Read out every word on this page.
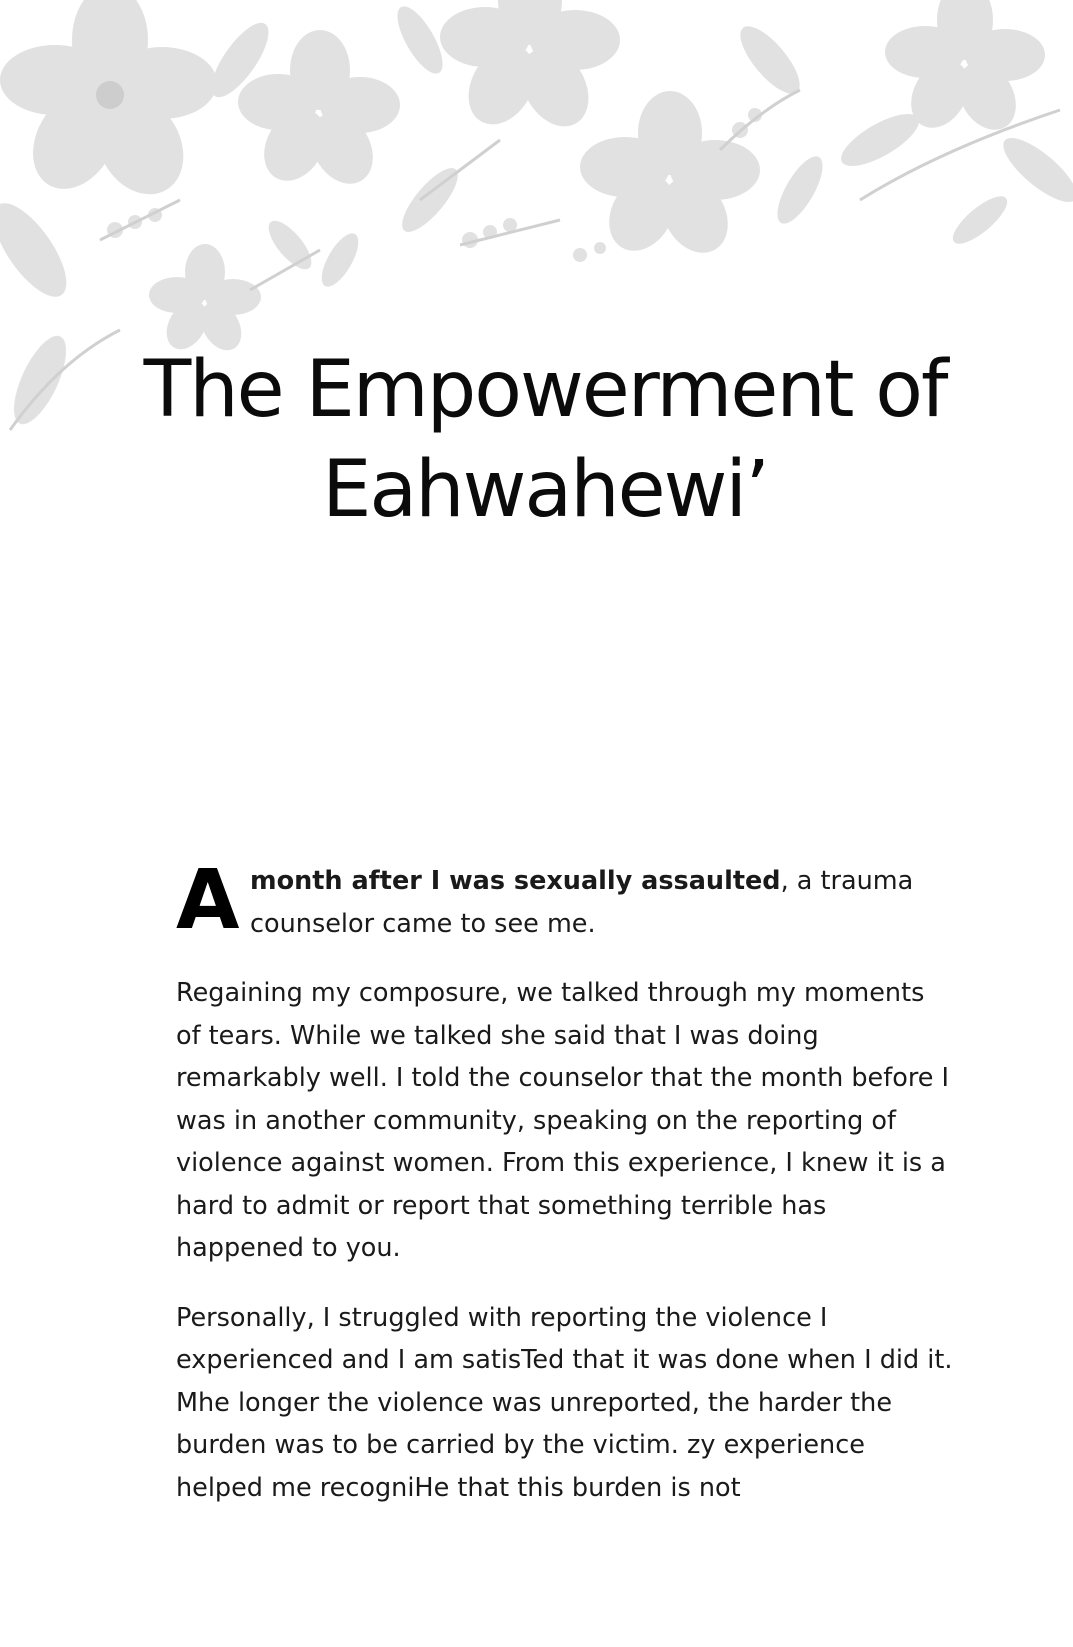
The Empowerment of
Eahwahewi’

A month after I was sexually assaulted, a trauma counselor came to see me.

Regaining my composure, we talked through my moments of tears. While we talked she said that I was doing remarkably well. I told the counselor that the month before I was in another community, speaking on the reporting of violence against women. From this experience, I knew it is a hard to admit or report that something terrible has happened to you.

Personally, I struggled with reporting the violence I experienced and I am satisTed that it was done when I did it. Mhe longer the violence was unreported, the harder the burden was to be carried by the victim. zy experience helped me recogniHe that this burden is not
